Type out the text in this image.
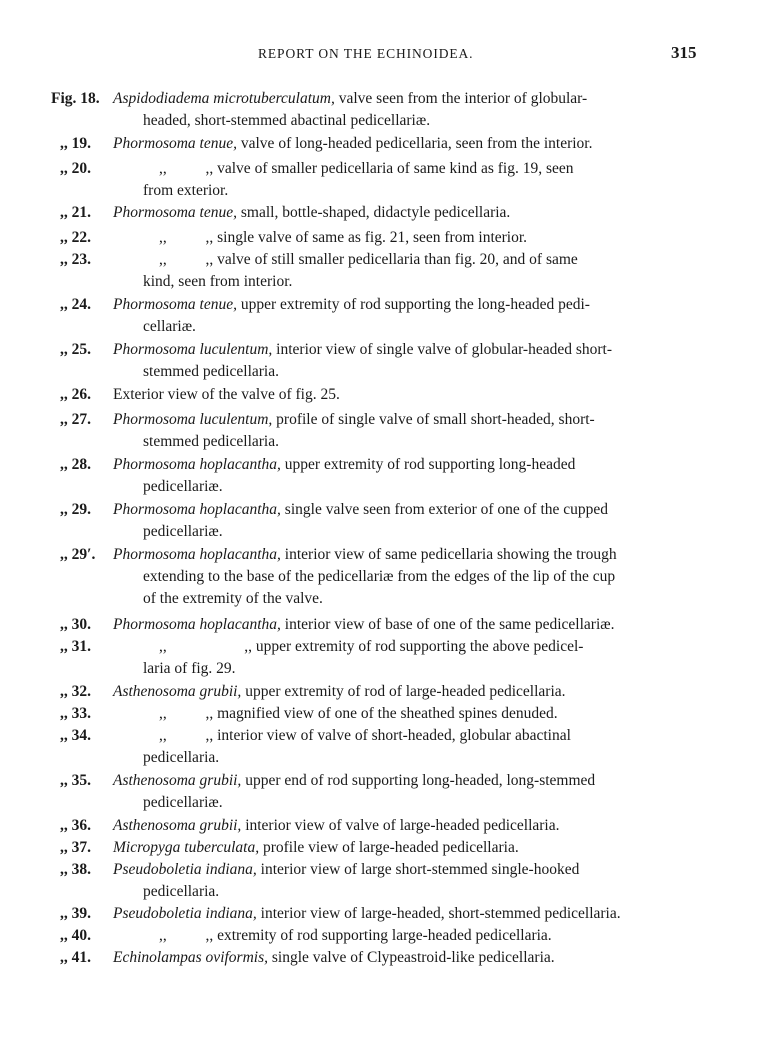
REPORT ON THE ECHINOIDEA.	315
Fig. 18. Aspidodiadema microtuberculatum, valve seen from the interior of globular-
headed, short-stemmed abactinal pedicellariæ.
,, 19. Phormosoma tenue, valve of long-headed pedicellaria, seen from the interior.
,, 20.	,,          ,, valve of smaller pedicellaria of same kind as fig. 19, seen
from exterior.
,, 21. Phormosoma tenue, small, bottle-shaped, didactyle pedicellaria.
,, 22.	,,          ,, single valve of same as fig. 21, seen from interior.
,, 23.	,,          ,, valve of still smaller pedicellaria than fig. 20, and of same
kind, seen from interior.
,, 24. Phormosoma tenue, upper extremity of rod supporting the long-headed pedi-
cellariæ.
,, 25. Phormosoma luculentum, interior view of single valve of globular-headed short-
stemmed pedicellaria.
,, 26. Exterior view of the valve of fig. 25.
,, 27. Phormosoma luculentum, profile of single valve of small short-headed, short-
stemmed pedicellaria.
,, 28. Phormosoma hoplacantha, upper extremity of rod supporting long-headed
pedicellariæ.
,, 29. Phormosoma hoplacantha, single valve seen from exterior of one of the cupped
pedicellariæ.
,, 29′. Phormosoma hoplacantha, interior view of same pedicellaria showing the trough
extending to the base of the pedicellariæ from the edges of the lip of the cup
of the extremity of the valve.
,, 30. Phormosoma hoplacantha, interior view of base of one of the same pedicellariæ.
,, 31.	,,                    ,, upper extremity of rod supporting the above pedicel-
laria of fig. 29.
,, 32. Asthenosoma grubii, upper extremity of rod of large-headed pedicellaria.
,, 33.	,,          ,, magnified view of one of the sheathed spines denuded.
,, 34.	,,          ,, interior view of valve of short-headed, globular abactinal
pedicellaria.
,, 35. Asthenosoma grubii, upper end of rod supporting long-headed, long-stemmed
pedicellariæ.
,, 36. Asthenosoma grubii, interior view of valve of large-headed pedicellaria.
,, 37. Micropyga tuberculata, profile view of large-headed pedicellaria.
,, 38. Pseudoboletia indiana, interior view of large short-stemmed single-hooked
pedicellaria.
,, 39. Pseudoboletia indiana, interior view of large-headed, short-stemmed pedicellaria.
,, 40.	,,          ,, extremity of rod supporting large-headed pedicellaria.
,, 41. Echinolampas oviformis, single valve of Clypeastroid-like pedicellaria.
